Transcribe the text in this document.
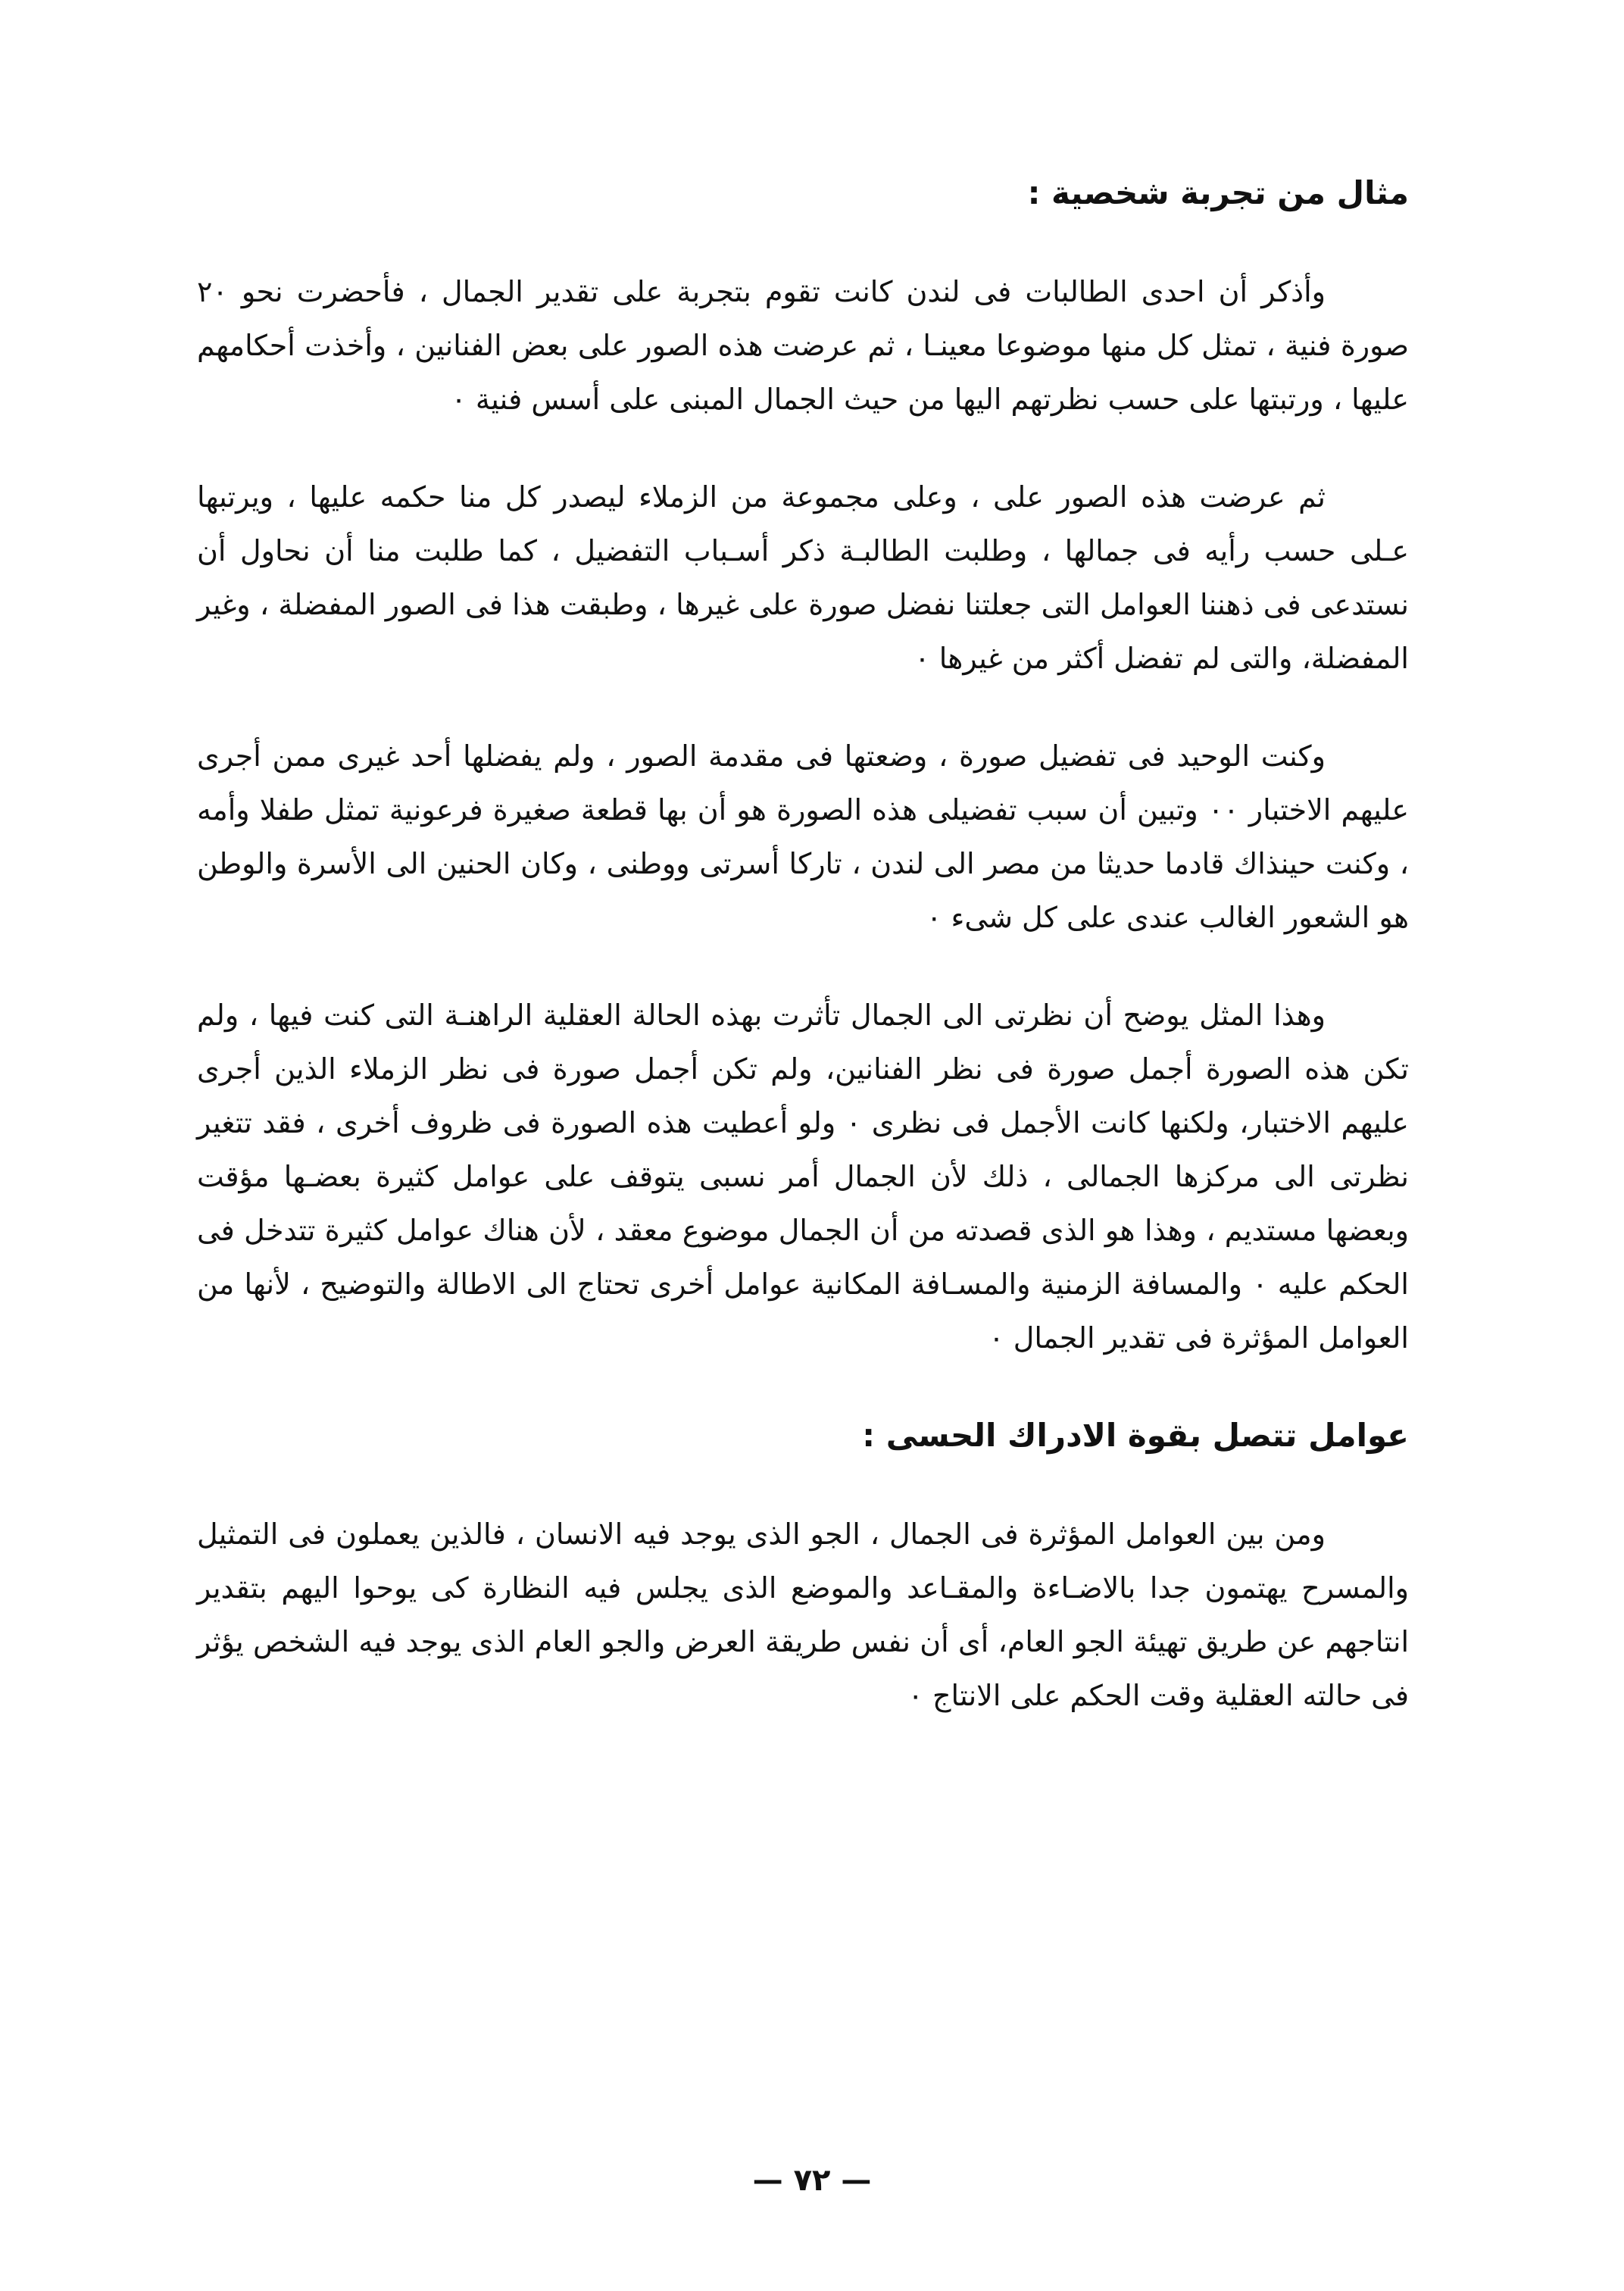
مثال من تجربة شخصية :

وأذكر أن احدى الطالبات فى لندن كانت تقوم بتجربة على تقدير الجمال ، فأحضرت نحو ٢٠ صورة فنية ، تمثل كل منها موضوعا معينـا ، ثم عرضت هذه الصور على بعض الفنانين ، وأخذت أحكامهم عليها ، ورتبتها على حسب نظرتهم اليها من حيث الجمال المبنى على أسس فنية ٠

ثم عرضت هذه الصور على ، وعلى مجموعة من الزملاء ليصدر كل منا حكمه عليها ، ويرتبها عـلى حسب رأيه فى جمالها ، وطلبت الطالبـة ذكر أسـباب التفضيل ، كما طلبت منا أن نحاول أن نستدعى فى ذهننا العوامل التى جعلتنا نفضل صورة على غيرها ، وطبقت هذا فى الصور المفضلة ، وغير المفضلة، والتى لم تفضل أكثر من غيرها ٠

وكنت الوحيد فى تفضيل صورة ، وضعتها فى مقدمة الصور ، ولم يفضلها أحد غيرى ممن أجرى عليهم الاختبار ٠٠ وتبين أن سبب تفضيلى هذه الصورة هو أن بها قطعة صغيرة فرعونية تمثل طفلا وأمه ، وكنت حينذاك قادما حديثا من مصر الى لندن ، تاركا أسرتى ووطنى ، وكان الحنين الى الأسرة والوطن هو الشعور الغالب عندى على كل شىء ٠

وهذا المثل يوضح أن نظرتى الى الجمال تأثرت بهذه الحالة العقلية الراهنـة التى كنت فيها ، ولم تكن هذه الصورة أجمل صورة فى نظر الفنانين، ولم تكن أجمل صورة فى نظر الزملاء الذين أجرى عليهم الاختبار، ولكنها كانت الأجمل فى نظرى ٠ ولو أعطيت هذه الصورة فى ظروف أخرى ، فقد تتغير نظرتى الى مركزها الجمالى ، ذلك لأن الجمال أمر نسبى يتوقف على عوامل كثيرة بعضـها مؤقت وبعضها مستديم ، وهذا هو الذى قصدته من أن الجمال موضوع معقد ، لأن هناك عوامل كثيرة تتدخل فى الحكم عليه ٠ والمسافة الزمنية والمسـافة المكانية عوامل أخرى تحتاج الى الاطالة والتوضيح ، لأنها من العوامل المؤثرة فى تقدير الجمال ٠

عوامل تتصل بقوة الادراك الحسى :

ومن بين العوامل المؤثرة فى الجمال ، الجو الذى يوجد فيه الانسان ، فالذين يعملون فى التمثيل والمسرح يهتمون جدا بالاضـاءة والمقـاعد والموضع الذى يجلس فيه النظارة كى يوحوا اليهم بتقدير انتاجهم عن طريق تهيئة الجو العام، أى أن نفس طريقة العرض والجو العام الذى يوجد فيه الشخص يؤثر فى حالته العقلية وقت الحكم على الانتاج ٠

— ٧٢ —
